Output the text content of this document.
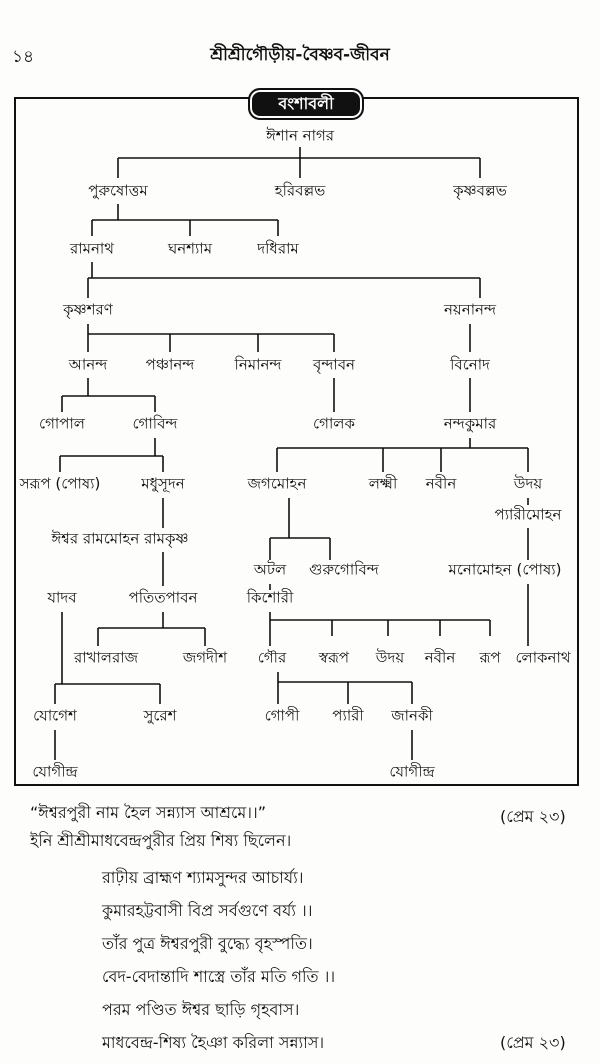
১৪	শ্রীশ্রীগৌড়ীয়-বৈষ্ণব-জীবন
বংশাবলী
ঈশান নাগর
পুরুষোত্তম	হরিবল্লভ	কৃষ্ণবল্লভ
রামনাথ	ঘনশ্যাম	দধিরাম
কৃষ্ণশরণ	নয়নানন্দ
আনন্দ	পঞ্চানন্দ	নিমানন্দ বৃন্দাবন	বিনোদ
গোপাল	গোবিন্দ	গোলক	নন্দকুমার
সরূপ (পোষ্য)	মধুসূদন	জগমোহন	লক্ষ্মী নবীন	উদয়
প্যারীমোহন
ঈশ্বর রামমোহন রামকৃষ্ণ
অটল গুরুগোবিন্দ	মনোমোহন (পোষ্য)
যাদব	পতিতপাবন	কিশোরী
রাখালরাজ	জগদীশ গৌর স্বরূপ উদয় নবীন রূপ লোকনাথ
যোগেশ	সুরেশ	গোপী প্যারী জানকী
যোগীন্দ্র	যোগীন্দ্র
“ঈশ্বরপুরী নাম হৈল সন্ন্যাস আশ্রমে।।”	(প্রেম ২৩)
ইনি শ্রীশ্রীমাধবেন্দ্রপুরীর প্রিয় শিষ্য ছিলেন।
রাঢ়ীয় ব্রাহ্মণ শ্যামসুন্দর আচার্য্য।
কুমারহট্টবাসী বিপ্র সর্বগুণে বর্য্য ।।
তাঁর পুত্র ঈশ্বরপুরী বুদ্ধ্যে বৃহস্পতি।
বেদ-বেদান্তাদি শাস্ত্রে তাঁর মতি গতি ।।
পরম পণ্ডিত ঈশ্বর ছাড়ি গৃহবাস।
মাধবেন্দ্র-শিষ্য হৈঞা করিলা সন্ন্যাস।	(প্রেম ২৩)
